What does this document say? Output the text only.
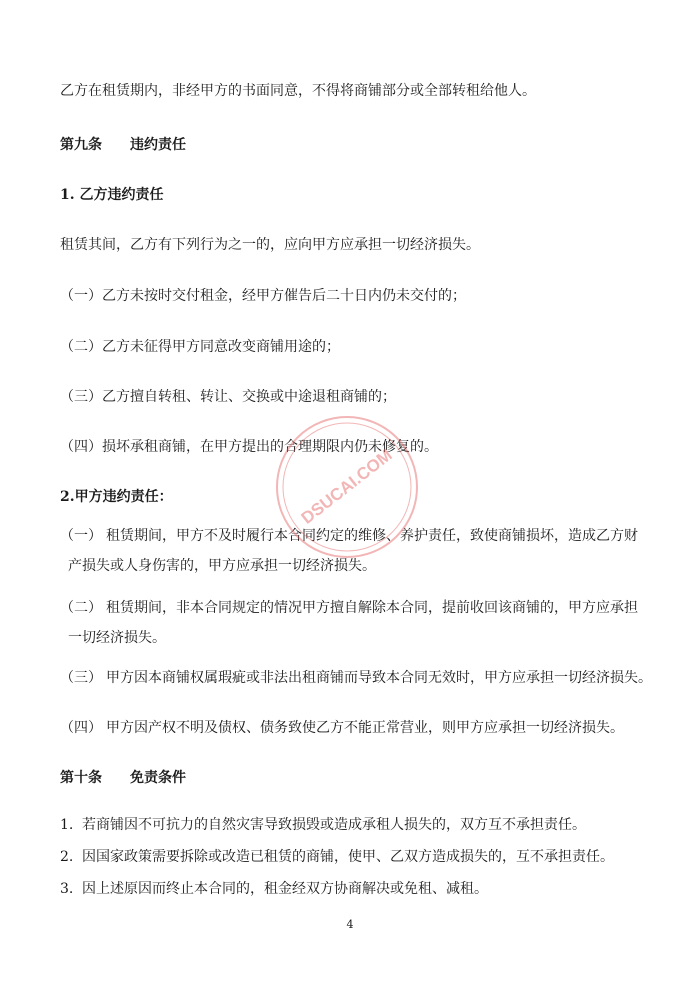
乙方在租赁期内，非经甲方的书面同意，不得将商铺部分或全部转租给他人。
第九条 违约责任
1. 乙方违约责任
租赁其间，乙方有下列行为之一的，应向甲方应承担一切经济损失。
（一）乙方未按时交付租金，经甲方催告后二十日内仍未交付的；
（二）乙方未征得甲方同意改变商铺用途的；
（三）乙方擅自转租、转让、交换或中途退租商铺的；
（四）损坏承租商铺，在甲方提出的合理期限内仍未修复的。
2.甲方违约责任：
（一） 租赁期间，甲方不及时履行本合同约定的维修、养护责任，致使商铺损坏，造成乙方财
产损失或人身伤害的，甲方应承担一切经济损失。
（二） 租赁期间，非本合同规定的情况甲方擅自解除本合同，提前收回该商铺的，甲方应承担
一切经济损失。
（三） 甲方因本商铺权属瑕疵或非法出租商铺而导致本合同无效时，甲方应承担一切经济损失。
（四） 甲方因产权不明及债权、债务致使乙方不能正常营业，则甲方应承担一切经济损失。
第十条 免责条件
1. 若商铺因不可抗力的自然灾害导致损毁或造成承租人损失的，双方互不承担责任。
2. 因国家政策需要拆除或改造已租赁的商铺，使甲、乙双方造成损失的，互不承担责任。
3. 因上述原因而终止本合同的，租金经双方协商解决或免租、减租。
4
DSUCAI.COM
